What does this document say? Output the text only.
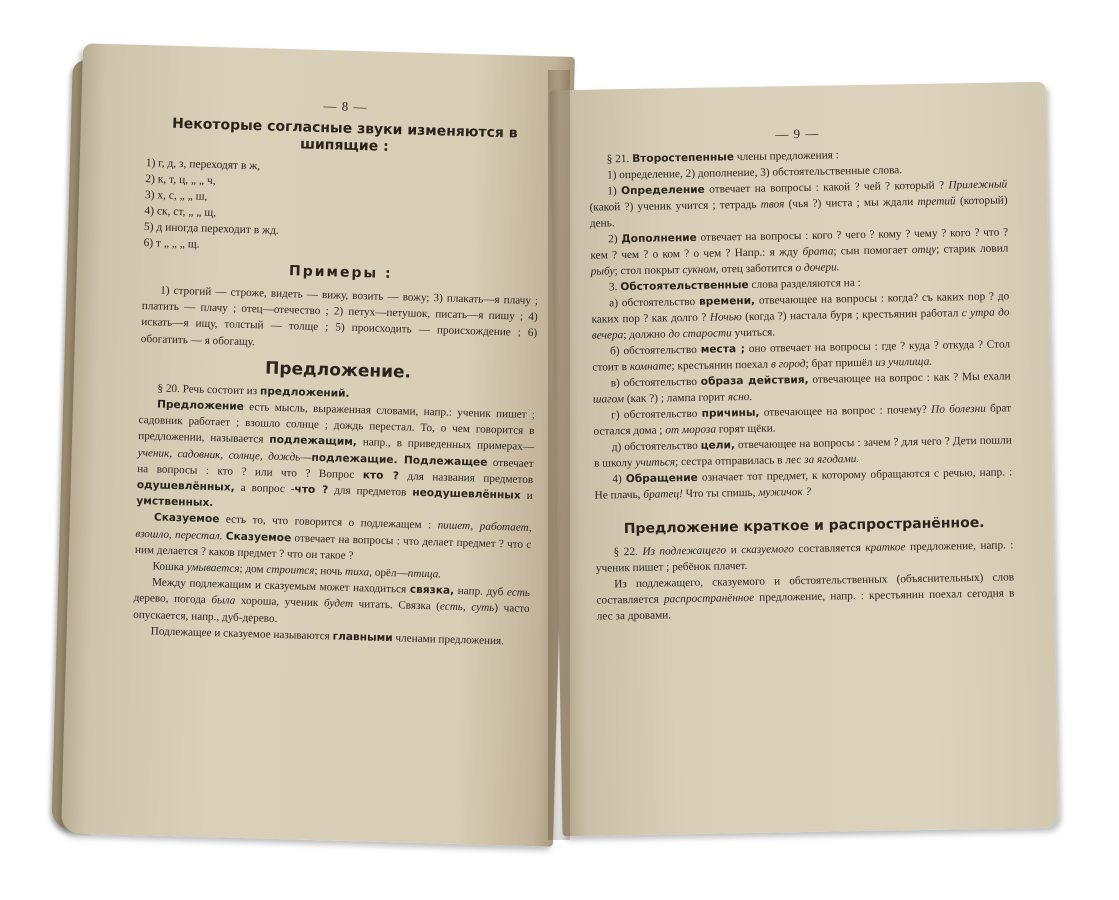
— 8 —
Некоторые согласные звуки изменяются в шипящие :
1) г, д, з, переходят в ж,
2) к, т, ц, „ „ ч,
3) х, с, „ „ ш,
4) ск, ст, „ „ щ,
5) д иногда переходит в жд.
6) т „ „ „ щ.
Примеры :

1) строгий — строже, видеть — вижу, возить — вожу; 3) плакать—я плачу ; платить — плачу ; отец—отечество ; 2) петух—петушок, писать—я пишу ; 4) искать—я ищу, толстый — толще ; 5) происходить — происхождение ; 6) обогатить — я обогащу.

Предложение.

§ 20. Речь состоит из предложений.

Предложение есть мысль, выраженная словами, напр.: ученик пишет ; садовник работает ; взошло солнце ; дождь перестал. То, о чем говорится в предложении, называется подлежащим, напр., в приведенных примерах—ученик, садовник, солнце, дождь—подлежащие. Подлежащее отвечает на вопросы : кто ? или что ? Вопрос кто ? для названия предметов одушевлённых, а вопрос -что ? для предметов неодушевлённых и умственных.

Сказуемое есть то, что говорится о подлежащем : пишет, работает, взошло, перестал. Сказуемое отвечает на вопросы : что делает предмет ? что с ним делается ? каков предмет ? что он такое ?

Кошка умывается; дом строится; ночь тиха, орёл—птица.

Между подлежащим и сказуемым может находиться связка, напр. дуб есть дерево, погода была хороша, ученик будет читать. Связка (есть, суть) часто опускается, напр., дуб-дерево.

Подлежащее и сказуемое называются главными членами предложения.

— 9 —

§ 21. Второстепенные члены предложения :

1) определение, 2) дополнение, 3) обстоятельственные слова.

1) Определение отвечает на вопросы : какой ? чей ? который ? Прилежный (какой ?) ученик учится ; тетрадь твоя (чья ?) чиста ; мы ждали третий (который) день.

2) Дополнение отвечает на вопросы : кого ? чего ? кому ? чему ? кого ? что ? кем ? чем ? о ком ? о чем ? Напр.: я жду брата; сын помогает отцу; старик ловил рыбу; стол покрыт сукном, отец заботится о дочери.

3. Обстоятельственные слова разделяются на :

а) обстоятельство времени, отвечающее на вопросы : когда? съ каких пор ? до каких пор ? как долго ? Ночью (когда ?) настала буря ; крестьянин работал с утра до вечера; должно до старости учиться.

б) обстоятельство места ; оно отвечает на вопросы : где ? куда ? откуда ? Стол стоит в комнате; крестьянин поехал в город; брат пришёл из училища.

в) обстоятельство образа действия, отвечающее на вопрос : как ? Мы ехали шагом (как ?) ; лампа горит ясно.

г) обстоятельство причины, отвечающее на вопрос : почему? По болезни брат остался дома ; от мороза горят щёки.

д) обстоятельство цели, отвечающее на вопросы : зачем ? для чего ? Дети пошли в школу учиться; сестра отправилась в лес за ягодами.

4) Обращение означает тот предмет, к которому обращаются с речью, напр. : Не плачь, братец! Что ты спишь, мужичок ?

Предложение краткое и распространённое.

§ 22. Из подлежащего и сказуемого составляется краткое предложение, напр. : ученик пишет ; ребёнок плачет.

Из подлежащего, сказуемого и обстоятельственных (объяснительных) слов составляется распространённое предложение, напр. : крестьянин поехал сегодня в лес за дровами.
